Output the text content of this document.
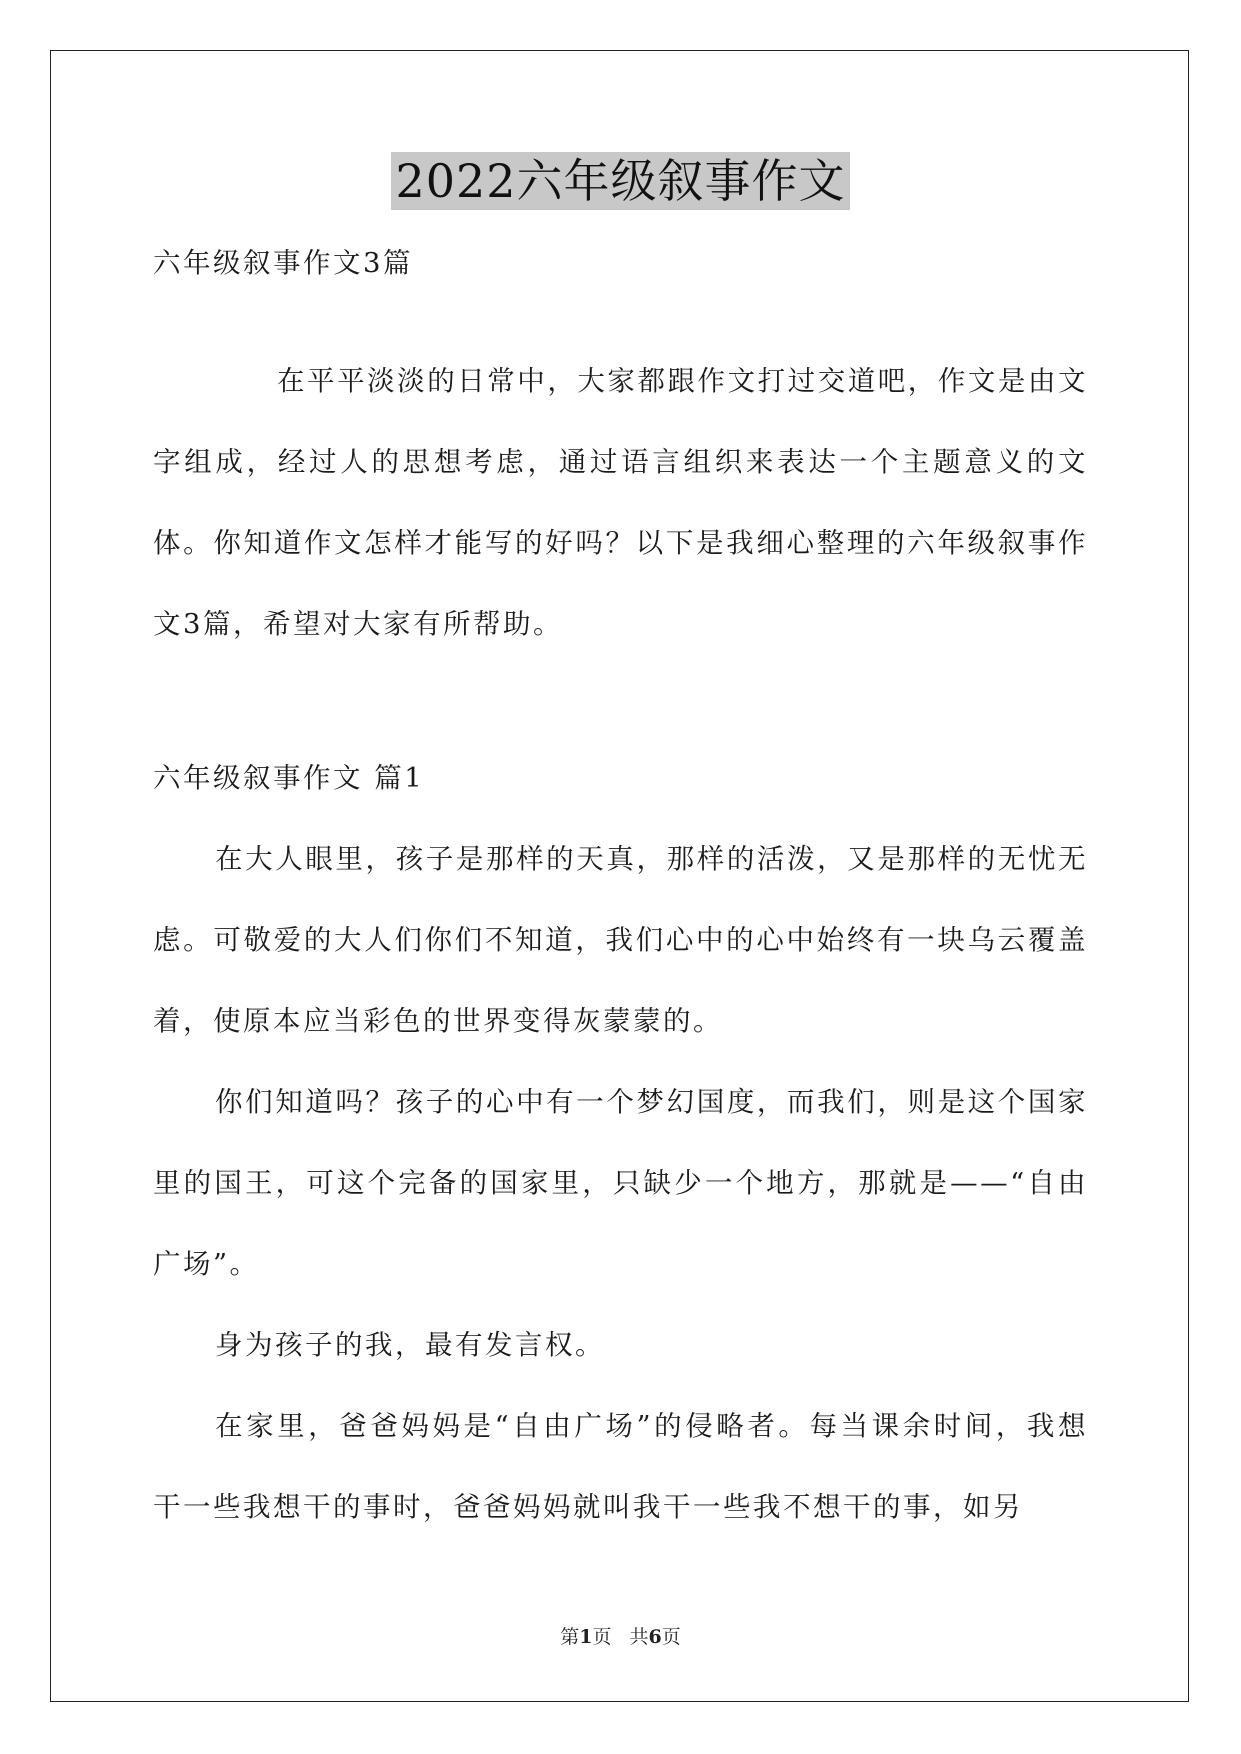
2022六年级叙事作文

六年级叙事作文3篇

在平平淡淡的日常中，大家都跟作文打过交道吧，作文是由文字组成，经过人的思想考虑，通过语言组织来表达一个主题意义的文体。你知道作文怎样才能写的好吗？以下是我细心整理的六年级叙事作文3篇，希望对大家有所帮助。

六年级叙事作文 篇1

在大人眼里，孩子是那样的天真，那样的活泼，又是那样的无忧无虑。可敬爱的大人们你们不知道，我们心中的心中始终有一块乌云覆盖着，使原本应当彩色的世界变得灰蒙蒙的。

你们知道吗？孩子的心中有一个梦幻国度，而我们，则是这个国家里的国王，可这个完备的国家里，只缺少一个地方，那就是——“自由广场”。

身为孩子的我，最有发言权。

在家里，爸爸妈妈是“自由广场”的侵略者。每当课余时间，我想干一些我想干的事时，爸爸妈妈就叫我干一些我不想干的事，如另

第1页 共6页
